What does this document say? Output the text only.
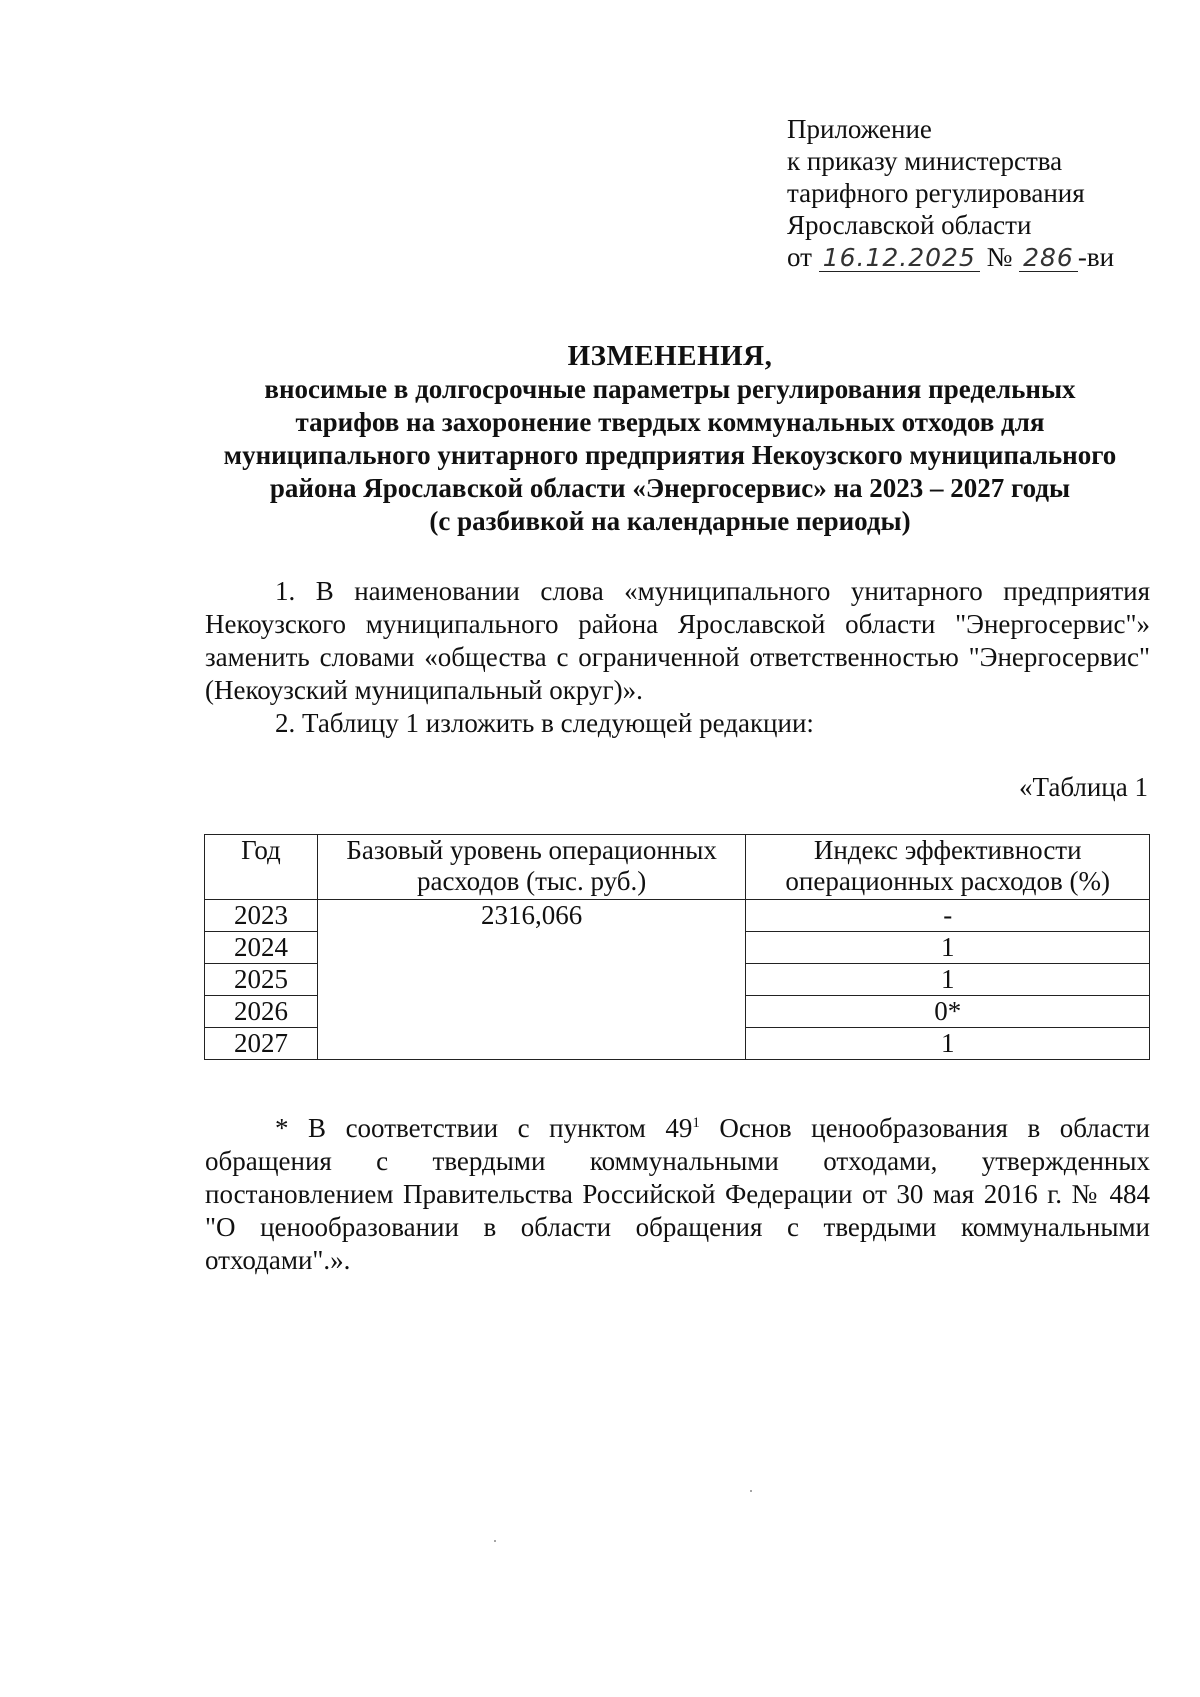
Приложение
к приказу министерства
тарифного регулирования
Ярославской области
от 16.12.2025 № 286 -ви
ИЗМЕНЕНИЯ,
вносимые в долгосрочные параметры регулирования предельных
тарифов на захоронение твердых коммунальных отходов для
муниципального унитарного предприятия Некоузского муниципального
района Ярославской области «Энергосервис» на 2023 – 2027 годы
(с разбивкой на календарные периоды)
1. В наименовании слова «муниципального унитарного предприятия Некоузского муниципального района Ярославской области "Энергосервис"» заменить словами «общества с ограниченной ответственностью "Энергосервис" (Некоузский муниципальный округ)».
2. Таблицу 1 изложить в следующей редакции:
«Таблица 1
Год	Базовый уровень операционных расходов (тыс. руб.)	Индекс эффективности операционных расходов (%)
2023	2316,066	-
2024		1
2025		1
2026		0*
2027		1
* В соответствии с пунктом $49^1$ Основ ценообразования в области обращения с твердыми коммунальными отходами, утвержденных постановлением Правительства Российской Федерации от 30 мая 2016 г. № 484 "О ценообразовании в области обращения с твердыми коммунальными отходами".».
